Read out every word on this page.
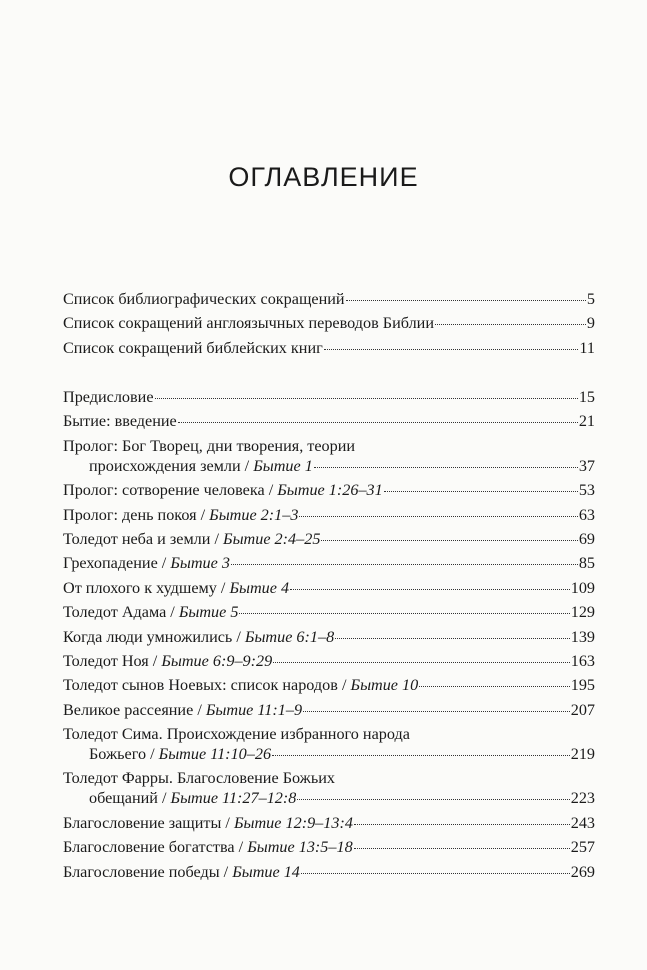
ОГЛАВЛЕНИЕ
Список библиографических сокращений	5
Список сокращений англоязычных переводов Библии	9
Список сокращений библейских книг	11
Предисловие	15
Бытие: введение	21
Пролог: Бог Творец, дни творения, теории
происхождения земли / Бытие 1	37
Пролог: сотворение человека / Бытие 1:26–31	53
Пролог: день покоя / Бытие 2:1–3	63
Толедот неба и земли / Бытие 2:4–25	69
Грехопадение / Бытие 3	85
От плохого к худшему / Бытие 4	109
Толедот Адама / Бытие 5	129
Когда люди умножились / Бытие 6:1–8	139
Толедот Ноя / Бытие 6:9–9:29	163
Толедот сынов Ноевых: список народов / Бытие 10	195
Великое рассеяние / Бытие 11:1–9	207
Толедот Сима. Происхождение избранного народа
Божьего / Бытие 11:10–26	219
Толедот Фарры. Благословение Божьих
обещаний / Бытие 11:27–12:8	223
Благословение защиты / Бытие 12:9–13:4	243
Благословение богатства / Бытие 13:5–18	257
Благословение победы / Бытие 14	269
